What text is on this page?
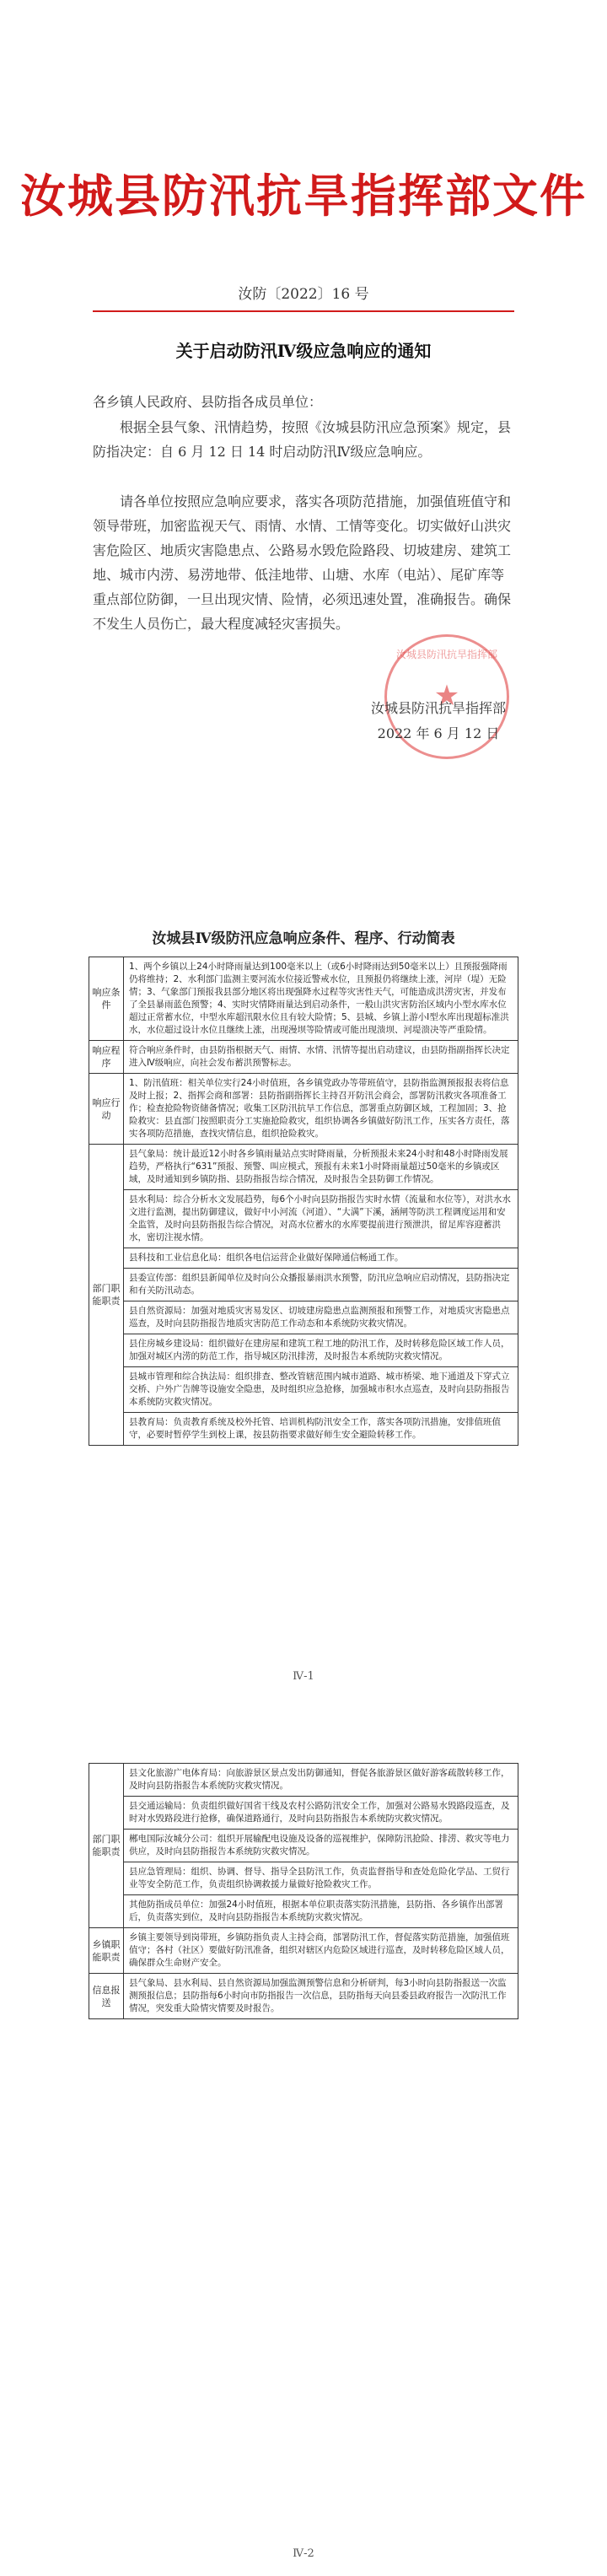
汝城县防汛抗旱指挥部文件
汝防〔2022〕16 号
关于启动防汛Ⅳ级应急响应的通知
各乡镇人民政府、县防指各成员单位：
根据全县气象、汛情趋势，按照《汝城县防汛应急预案》规定，县防指决定：自 6 月 12 日 14 时启动防汛Ⅳ级应急响应。
请各单位按照应急响应要求，落实各项防范措施，加强值班值守和领导带班，加密监视天气、雨情、水情、工情等变化。切实做好山洪灾害危险区、地质灾害隐患点、公路易水毁危险路段、切坡建房、建筑工地、城市内涝、易涝地带、低洼地带、山塘、水库（电站）、尾矿库等重点部位防御，一旦出现灾情、险情，必须迅速处置，准确报告。确保不发生人员伤亡，最大程度减轻灾害损失。
汝城县防汛抗旱指挥部
★
汝城县防汛抗旱指挥部
2022 年 6 月 12 日
汝城县Ⅳ级防汛应急响应条件、程序、行动简表
响应条件	1、两个乡镇以上24小时降雨量达到100毫米以上（或6小时降雨达到50毫米以上）且预报强降雨仍将维持；2、水利部门监测主要河流水位接近警戒水位，且预报仍将继续上涨，河岸（堤）无险情；3、气象部门预报我县部分地区将出现强降水过程等灾害性天气，可能造成洪涝灾害，并发布了全县暴雨蓝色预警；4、实时灾情降雨量达到启动条件，一般山洪灾害防治区域内小型水库水位超过正常蓄水位，中型水库超汛限水位且有较大险情；5、县城、乡镇上游小Ⅰ型水库出现超标准洪水，水位超过设计水位且继续上涨，出现漫坝等险情或可能出现溃坝、河堤溃决等严重险情。
响应程序	符合响应条件时，由县防指根据天气、雨情、水情、汛情等提出启动建议，由县防指副指挥长决定进入Ⅳ级响应，向社会发布蓄洪预警标志。
响应行动	1、防汛值班：相关单位实行24小时值班，各乡镇党政办等带班值守，县防指监测预报报表将信息及时上报；2、指挥会商和部署：县防指副指挥长主持召开防汛会商会，部署防汛救灾各项准备工作；检查抢险物资储备情况；收集工区防汛抗旱工作信息，部署重点防御区域，工程加固；3、抢险救灾：县直部门按照职责分工实施抢险救灾，组织协调各乡镇做好防汛工作，压实各方责任，落实各项防范措施，查找灾情信息，组织抢险救灾。
部门职能职责	县气象局：统计最近12小时各乡镇雨量站点实时降雨量，分析预报未来24小时和48小时降雨发展趋势，严格执行“631”预报、预警、叫应模式，预报有未来1小时降雨量超过50毫米的乡镇或区域，及时通知到乡镇防指、县防指报告综合情况，及时报告全县防御工作情况。
	县水利局：综合分析水文发展趋势，每6个小时向县防指报告实时水情（流量和水位等），对洪水水文进行监测，提出防御建议，做好中小河流（河道）、“大满”下溪，涵闸等防洪工程调度运用和安全监管，及时向县防指报告综合情况，对高水位蓄水的水库要提前进行预泄洪，留足库容迎蓄洪水，密切注视水情。
	县科技和工业信息化局：组织各电信运营企业做好保障通信畅通工作。
	县委宣传部：组织县新闻单位及时向公众播报暴雨洪水预警，防汛应急响应启动情况，县防指决定和有关防汛动态。
	县自然资源局：加强对地质灾害易发区、切坡建房隐患点监测预报和预警工作，对地质灾害隐患点巡查，及时向县防指报告地质灾害防范工作动态和本系统防灾救灾情况。
	县住房城乡建设局：组织做好在建房屋和建筑工程工地的防汛工作，及时转移危险区域工作人员，加强对城区内涝的防范工作，指导城区防汛排涝，及时报告本系统防灾救灾情况。
	县城市管理和综合执法局：组织排查、整改管辖范围内城市道路、城市桥梁、地下通道及下穿式立交桥、户外广告牌等设施安全隐患，及时组织应急抢修，加强城市积水点巡查，及时向县防指报告本系统防灾救灾情况。
	县教育局：负责教育系统及校外托管、培训机构防汛安全工作，落实各项防汛措施，安排值班值守，必要时暂停学生到校上课，按县防指要求做好师生安全避险转移工作。
Ⅳ-1
部门职能职责	县文化旅游广电体育局：向旅游景区景点发出防御通知，督促各旅游景区做好游客疏散转移工作，及时向县防指报告本系统防灾救灾情况。
	县交通运输局：负责组织做好国省干线及农村公路防汛安全工作，加强对公路易水毁路段巡查，及时对水毁路段进行抢修，确保道路通行，及时向县防指报告本系统防灾救灾情况。
	郴电国际汝城分公司：组织开展输配电设施及设备的巡视维护，保障防汛抢险、排涝、救灾等电力供应，及时向县防指报告本系统防灾救灾情况。
	县应急管理局：组织、协调、督导、指导全县防汛工作，负责监督指导和查处危险化学品、工贸行业等安全防范工作，负责组织协调救援力量做好抢险救灾工作。
	其他防指成员单位：加强24小时值班，根据本单位职责落实防汛措施，县防指、各乡镇作出部署后，负责落实到位，及时向县防指报告本系统防灾救灾情况。
乡镇职能职责	乡镇主要领导到岗带班，乡镇防指负责人主持会商，部署防汛工作，督促落实防范措施，加强值班值守；各村（社区）要做好防汛准备，组织对辖区内危险区域进行巡查，及时转移危险区域人员，确保群众生命财产安全。
信息报送	县气象局、县水利局、县自然资源局加强监测预警信息和分析研判，每3小时向县防指报送一次监测预报信息；县防指每6小时向市防指报告一次信息，县防指每天向县委县政府报告一次防汛工作情况，突发重大险情灾情要及时报告。
Ⅳ-2
